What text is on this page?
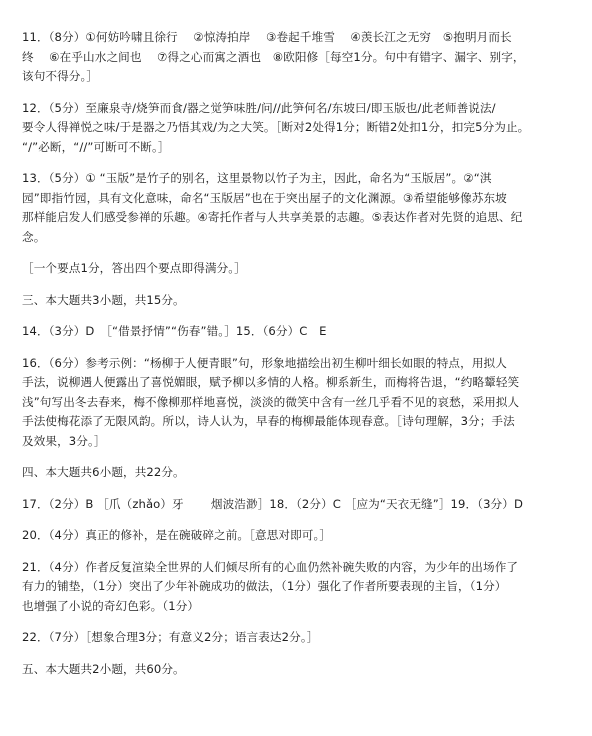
11．（8分）①何妨吟啸且徐行　 ②惊涛拍岸　 ③卷起千堆雪　 ④羡长江之无穷　⑤抱明月而长
终　 ⑥在乎山水之间也　 ⑦得之心而寓之酒也　⑧欧阳修［每空1分。句中有错字、漏字、别字，
该句不得分。］

12．（5分）至廉泉寺/烧笋而食/器之觉笋味胜/问//此笋何名/东坡曰/即玉版也/此老师善说法/
要令人得禅悦之味/于是器之乃悟其戏/为之大笑。［断对2处得1分；断错2处扣1分，扣完5分为止。
“/”必断，“//”可断可不断。］

13．（5分）① “玉版”是竹子的别名，这里景物以竹子为主，因此，命名为“玉版居”。②“淇
园”即指竹园，具有文化意味，命名“玉版居”也在于突出屋子的文化渊源。③希望能够像苏东坡
那样能启发人们感受参禅的乐趣。④寄托作者与人共享美景的志趣。⑤表达作者对先贤的追思、纪
念。

［一个要点1分，答出四个要点即得满分。］

三、本大题共3小题，共15分。

14．（3分）D　［“借景抒情”“伤春”错。］15．（6分）C　E

16．（6分）参考示例：“杨柳于人便青眼”句，形象地描绘出初生柳叶细长如眼的特点，用拟人
手法，说柳遇人便露出了喜悦媚眼，赋予柳以多情的人格。柳系新生，而梅将告退，“约略颦轻笑
浅”句写出冬去春来，梅不像柳那样地喜悦，淡淡的微笑中含有一丝几乎看不见的哀愁，采用拟人
手法使梅花添了无限风韵。所以，诗人认为，早春的梅柳最能体现春意。［诗句理解，3分；手法
及效果，3分。］

四、本大题共6小题，共22分。

17．（2分）B ［爪（zhǎo）牙　　 烟波浩渺］18．（2分）C ［应为“天衣无缝”］19．（3分）D

20．（4分）真正的修补，是在碗破碎之前。［意思对即可。］

21．（4分）作者反复渲染全世界的人们倾尽所有的心血仍然补碗失败的内容，为少年的出场作了
有力的铺垫，（1分）突出了少年补碗成功的做法，（1分）强化了作者所要表现的主旨，（1分）
也增强了小说的奇幻色彩。（1分）

22．（7分）［想象合理3分；有意义2分；语言表达2分。］

五、本大题共2小题，共60分。
